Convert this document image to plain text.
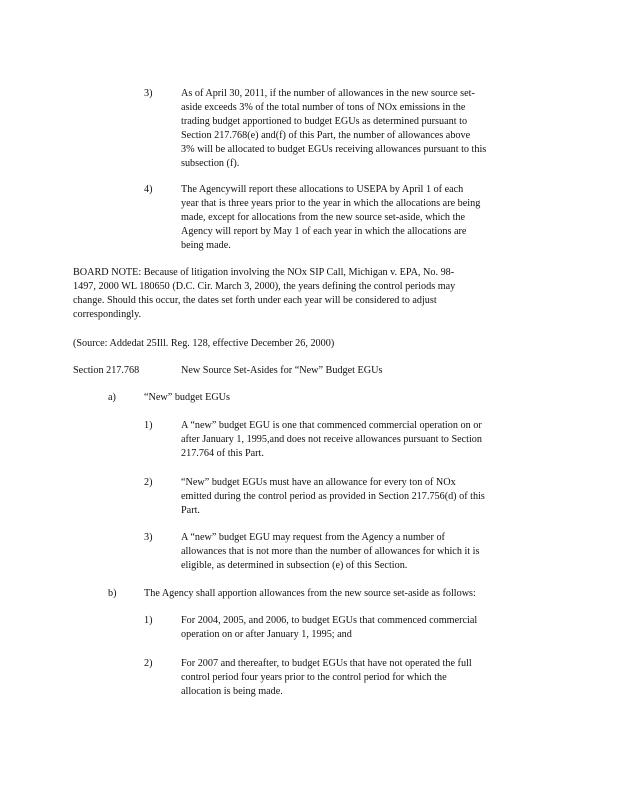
3)	As of April 30, 2011, if the number of allowances in the new source set-
aside exceeds 3% of the total number of tons of NOx emissions in the
trading budget apportioned to budget EGUs as determined pursuant to
Section 217.768(e) and(f) of this Part, the number of allowances above
3% will be allocated to budget EGUs receiving allowances pursuant to this
subsection (f).
4)	The Agencywill report these allocations to USEPA by April 1 of each
year that is three years prior to the year in which the allocations are being
made, except for allocations from the new source set-aside, which the
Agency will report by May 1 of each year in which the allocations are
being made.
BOARD NOTE: Because of litigation involving the NOx SIP Call, Michigan v. EPA, No. 98-
1497, 2000 WL 180650 (D.C. Cir. March 3, 2000), the years defining the control periods may
change. Should this occur, the dates set forth under each year will be considered to adjust
correspondingly.
(Source: Addedat 25Ill. Reg. 128, effective December 26, 2000)
Section 217.768	New Source Set-Asides for “New” Budget EGUs
a)	“New” budget EGUs
1)	A “new” budget EGU is one that commenced commercial operation on or
after January 1, 1995,and does not receive allowances pursuant to Section
217.764 of this Part.
2)	“New” budget EGUs must have an allowance for every ton of NOx
emitted during the control period as provided in Section 217.756(d) of this
Part.
3)	A “new” budget EGU may request from the Agency a number of
allowances that is not more than the number of allowances for which it is
eligible, as determined in subsection (e) of this Section.
b)	The Agency shall apportion allowances from the new source set-aside as follows:
1)	For 2004, 2005, and 2006, to budget EGUs that commenced commercial
operation on or after January 1, 1995; and
2)	For 2007 and thereafter, to budget EGUs that have not operated the full
control period four years prior to the control period for which the
allocation is being made.
